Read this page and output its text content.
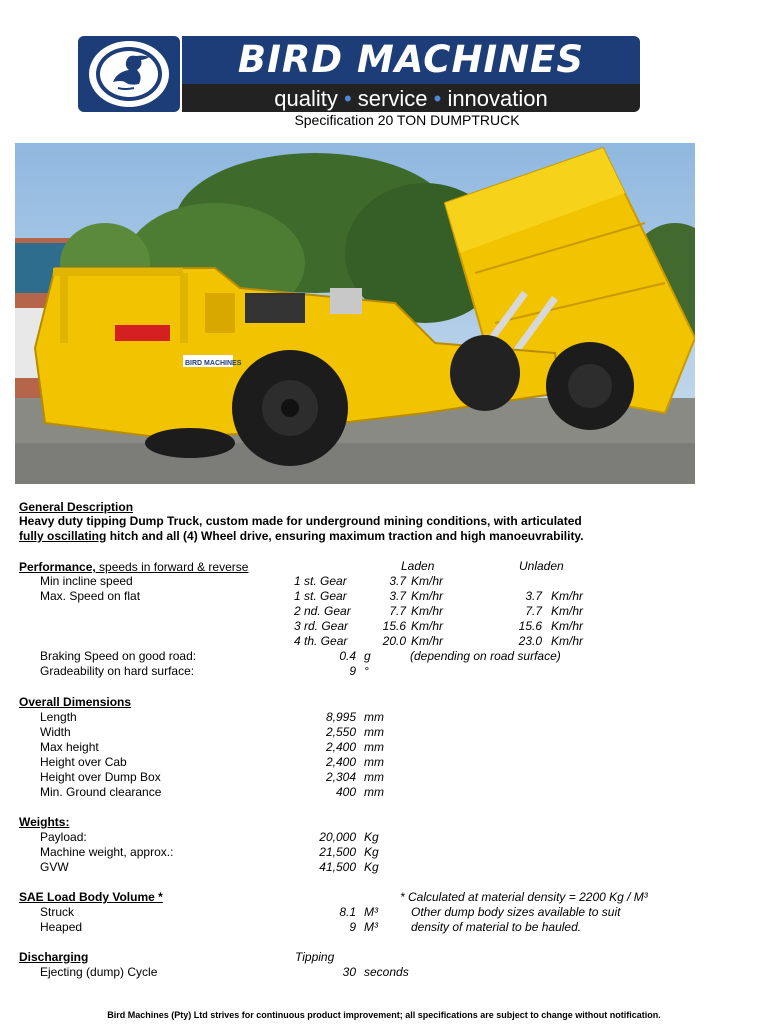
BIRD MACHINES
quality • service • innovation
Specification 20 TON DUMPTRUCK
BIRD MACHINES
General Description
Heavy duty tipping Dump Truck, custom made for underground mining conditions, with articulated
fully oscillating hitch and all (4) Wheel drive, ensuring maximum traction and high manoeuvrability.
Performance, speeds in forward & reverse	Laden	Unladen
Min incline speed	1 st. Gear	3.7 Km/hr
Max. Speed on flat	1 st. Gear	3.7 Km/hr	3.7 Km/hr
2 nd. Gear	7.7 Km/hr	7.7 Km/hr
3 rd. Gear	15.6 Km/hr	15.6 Km/hr
4 th. Gear	20.0 Km/hr	23.0 Km/hr
Braking Speed on good road:	0.4 g	(depending on road surface)
Gradeability on hard surface:	9 °
Overall Dimensions
Length	8,995 mm
Width	2,550 mm
Max height	2,400 mm
Height over Cab	2,400 mm
Height over Dump Box	2,304 mm
Min. Ground clearance	400 mm
Weights:
Payload:	20,000 Kg
Machine weight, approx.:	21,500 Kg
GVW	41,500 Kg
SAE Load Body Volume *	* Calculated at material density = 2200 Kg / M³
Struck	8.1 M³	Other dump body sizes available to suit
Heaped	9 M³	density of material to be hauled.
Discharging	Tipping
Ejecting (dump) Cycle	30 seconds
Bird Machines (Pty) Ltd strives for continuous product improvement; all specifications are subject to change without notification.
